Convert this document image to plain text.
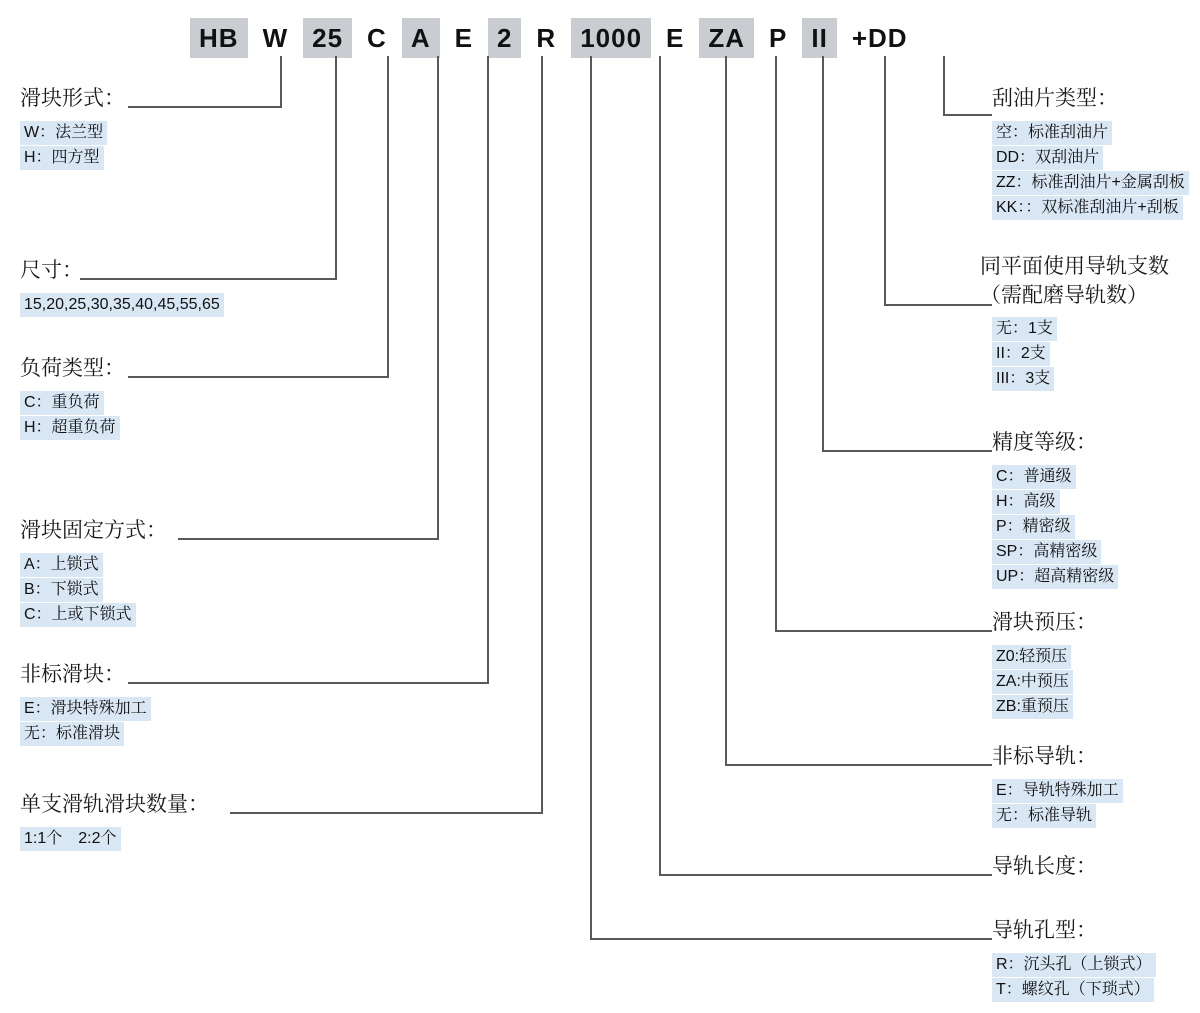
HB W 25 C A E 2 R 1000 E ZA P II +DD
滑块形式：
W：法兰型
H：四方型
尺寸：
15,20,25,30,35,40,45,55,65
负荷类型：
C：重负荷
H：超重负荷
滑块固定方式：
A：上锁式
B：下锁式
C：上或下锁式
非标滑块：
E：滑块特殊加工
无：标准滑块
单支滑轨滑块数量：
1:1个　2:2个
刮油片类型：
空：标准刮油片
DD：双刮油片
ZZ：标准刮油片+金属刮板
KK：：双标准刮油片+刮板
同平面使用导轨支数
（需配磨导轨数）
无：1支
II：2支
III：3支
精度等级：
C：普通级
H：高级
P：精密级
SP：高精密级
UP：超高精密级
滑块预压：
Z0:轻预压
ZA:中预压
ZB:重预压
非标导轨：
E：导轨特殊加工
无：标准导轨
导轨长度：
导轨孔型：
R：沉头孔（上锁式）
T：螺纹孔（下琐式）
